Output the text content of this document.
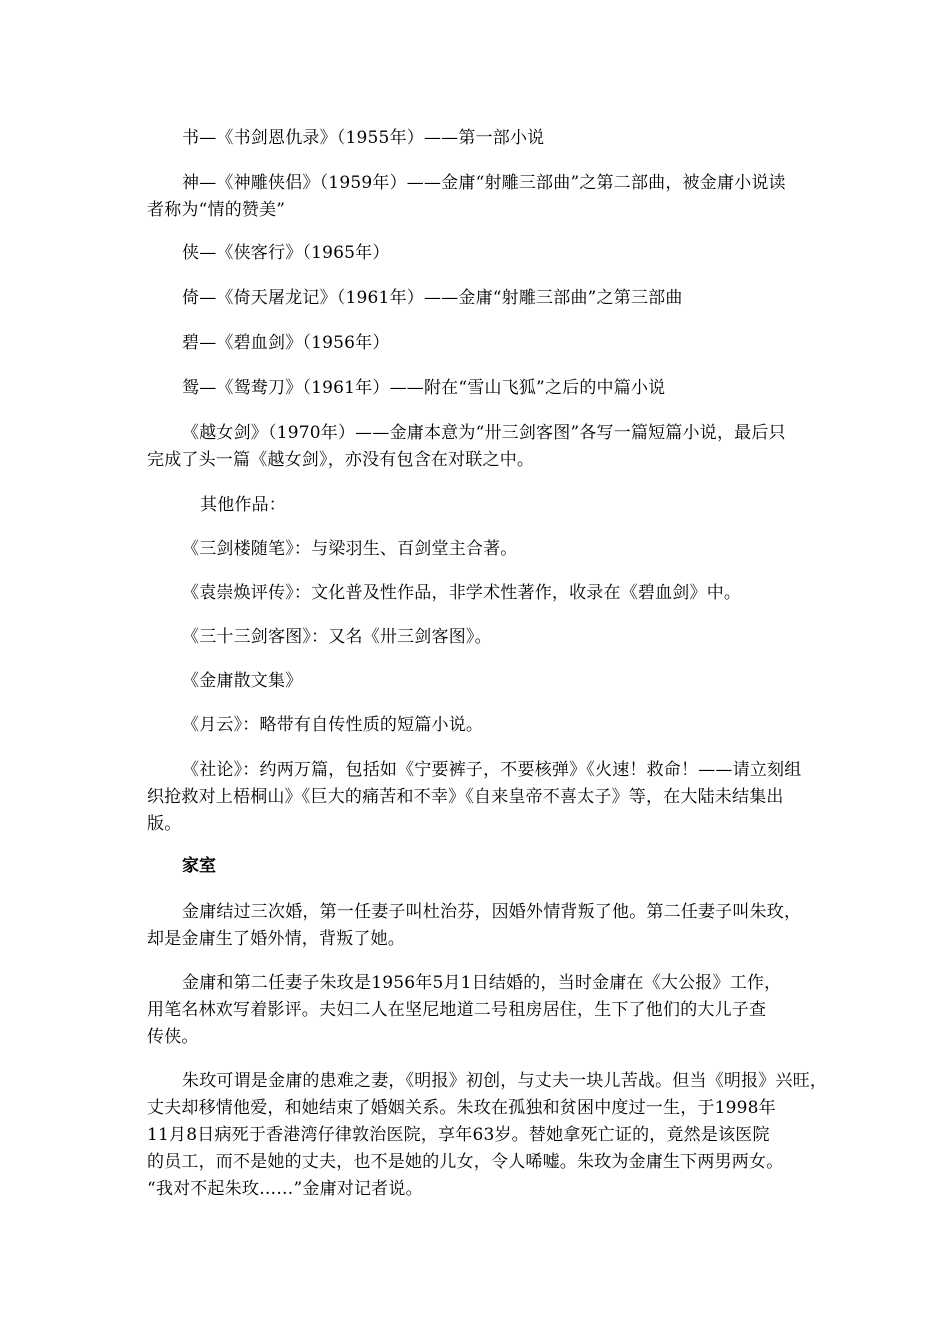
书—《书剑恩仇录》（1955年）——第一部小说
神—《神雕侠侣》（1959年）——金庸“射雕三部曲”之第二部曲，被金庸小说读
者称为“情的赞美”
侠—《侠客行》（1965年）
倚—《倚天屠龙记》（1961年）——金庸“射雕三部曲”之第三部曲
碧—《碧血剑》（1956年）
鸳—《鸳鸯刀》（1961年）——附在“雪山飞狐”之后的中篇小说
《越女剑》（1970年）——金庸本意为“卅三剑客图”各写一篇短篇小说，最后只
完成了头一篇《越女剑》，亦没有包含在对联之中。
其他作品：
《三剑楼随笔》：与梁羽生、百剑堂主合著。
《袁崇焕评传》：文化普及性作品，非学术性著作，收录在《碧血剑》中。
《三十三剑客图》：又名《卅三剑客图》。
《金庸散文集》
《月云》：略带有自传性质的短篇小说。
《社论》：约两万篇，包括如《宁要裤子，不要核弹》《火速！救命！——请立刻组
织抢救对上梧桐山》《巨大的痛苦和不幸》《自来皇帝不喜太子》等，在大陆未结集出
版。
家室
金庸结过三次婚，第一任妻子叫杜治芬，因婚外情背叛了他。第二任妻子叫朱玫，
却是金庸生了婚外情，背叛了她。
金庸和第二任妻子朱玫是1956年5月1日结婚的，当时金庸在《大公报》工作，
用笔名林欢写着影评。夫妇二人在坚尼地道二号租房居住，生下了他们的大儿子查
传侠。
朱玫可谓是金庸的患难之妻，《明报》初创，与丈夫一块儿苦战。但当《明报》兴旺，
丈夫却移情他爱，和她结束了婚姻关系。朱玫在孤独和贫困中度过一生，于1998年
11月8日病死于香港湾仔律敦治医院，享年63岁。替她拿死亡证的，竟然是该医院
的员工，而不是她的丈夫，也不是她的儿女，令人唏嘘。朱玫为金庸生下两男两女。
“我对不起朱玫……”金庸对记者说。
